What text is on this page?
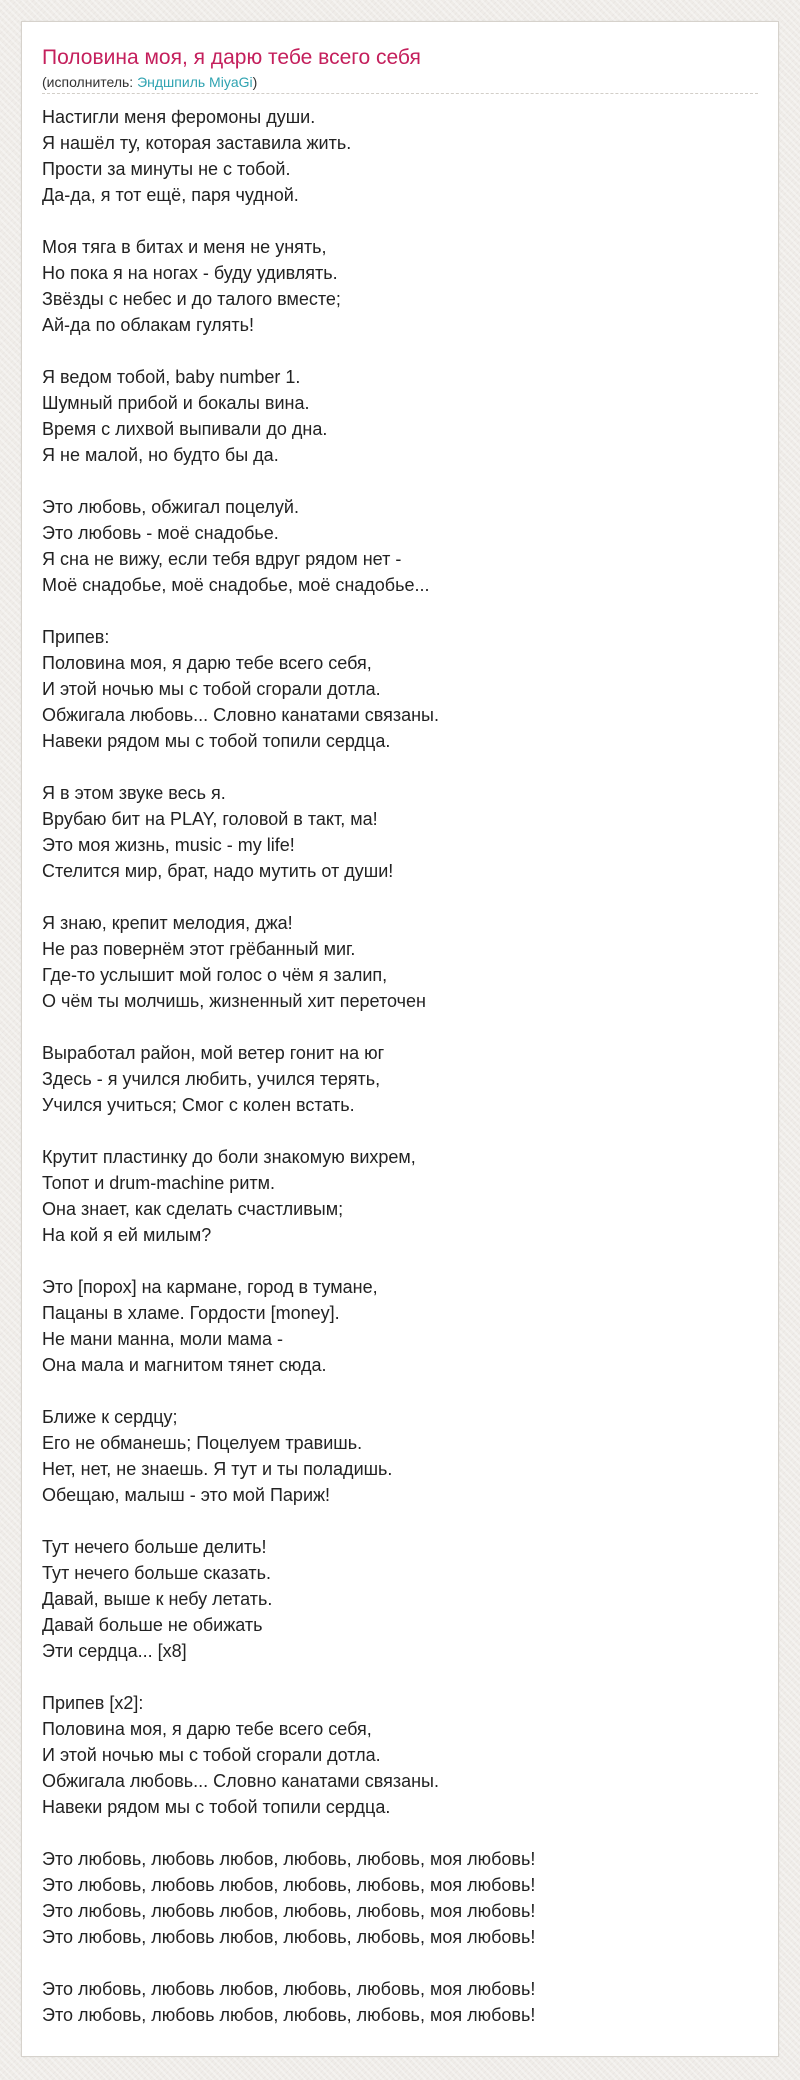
Половина моя, я дарю тебе всего себя
(исполнитель: Эндшпиль MiyaGi)
Настигли меня феромоны души.
Я нашёл ту, которая заставила жить.
Прости за минуты не с тобой.
Да-да, я тот ещё, паря чудной.
Моя тяга в битах и меня не унять,
Но пока я на ногах - буду удивлять.
Звёзды с небес и до талого вместе;
Ай-да по облакам гулять!
Я ведом тобой, baby number 1.
Шумный прибой и бокалы вина.
Время с лихвой выпивали до дна.
Я не малой, но будто бы да.
Это любовь, обжигал поцелуй.
Это любовь - моё снадобье.
Я сна не вижу, если тебя вдруг рядом нет -
Моё снадобье, моё снадобье, моё снадобье...
Припев:
Половина моя, я дарю тебе всего себя,
И этой ночью мы с тобой сгорали дотла.
Обжигала любовь... Словно канатами связаны.
Навеки рядом мы с тобой топили сердца.
Я в этом звуке весь я.
Врубаю бит на PLAY, головой в такт, ма!
Это моя жизнь, music - my life!
Стелится мир, брат, надо мутить от души!
Я знаю, крепит мелодия, джа!
Не раз повернём этот грёбанный миг.
Где-то услышит мой голос о чём я залип,
О чём ты молчишь, жизненный хит переточен
Выработал район, мой ветер гонит на юг
Здесь - я учился любить, учился терять,
Учился учиться; Смог с колен встать.
Крутит пластинку до боли знакомую вихрем,
Топот и drum-machine ритм.
Она знает, как сделать счастливым;
На кой я ей милым?
Это [порох] на кармане, город в тумане,
Пацаны в хламе. Гордости [money].
Не мани манна, моли мама -
Она мала и магнитом тянет сюда.
Ближе к сердцу;
Его не обманешь; Поцелуем травишь.
Нет, нет, не знаешь. Я тут и ты поладишь.
Обещаю, малыш - это мой Париж!
Тут нечего больше делить!
Тут нечего больше сказать.
Давай, выше к небу летать.
Давай больше не обижать
Эти сердца... [x8]
Припев [x2]:
Половина моя, я дарю тебе всего себя,
И этой ночью мы с тобой сгорали дотла.
Обжигала любовь... Словно канатами связаны.
Навеки рядом мы с тобой топили сердца.
Это любовь, любовь любов, любовь, любовь, моя любовь!
Это любовь, любовь любов, любовь, любовь, моя любовь!
Это любовь, любовь любов, любовь, любовь, моя любовь!
Это любовь, любовь любов, любовь, любовь, моя любовь!
Это любовь, любовь любов, любовь, любовь, моя любовь!
Это любовь, любовь любов, любовь, любовь, моя любовь!
